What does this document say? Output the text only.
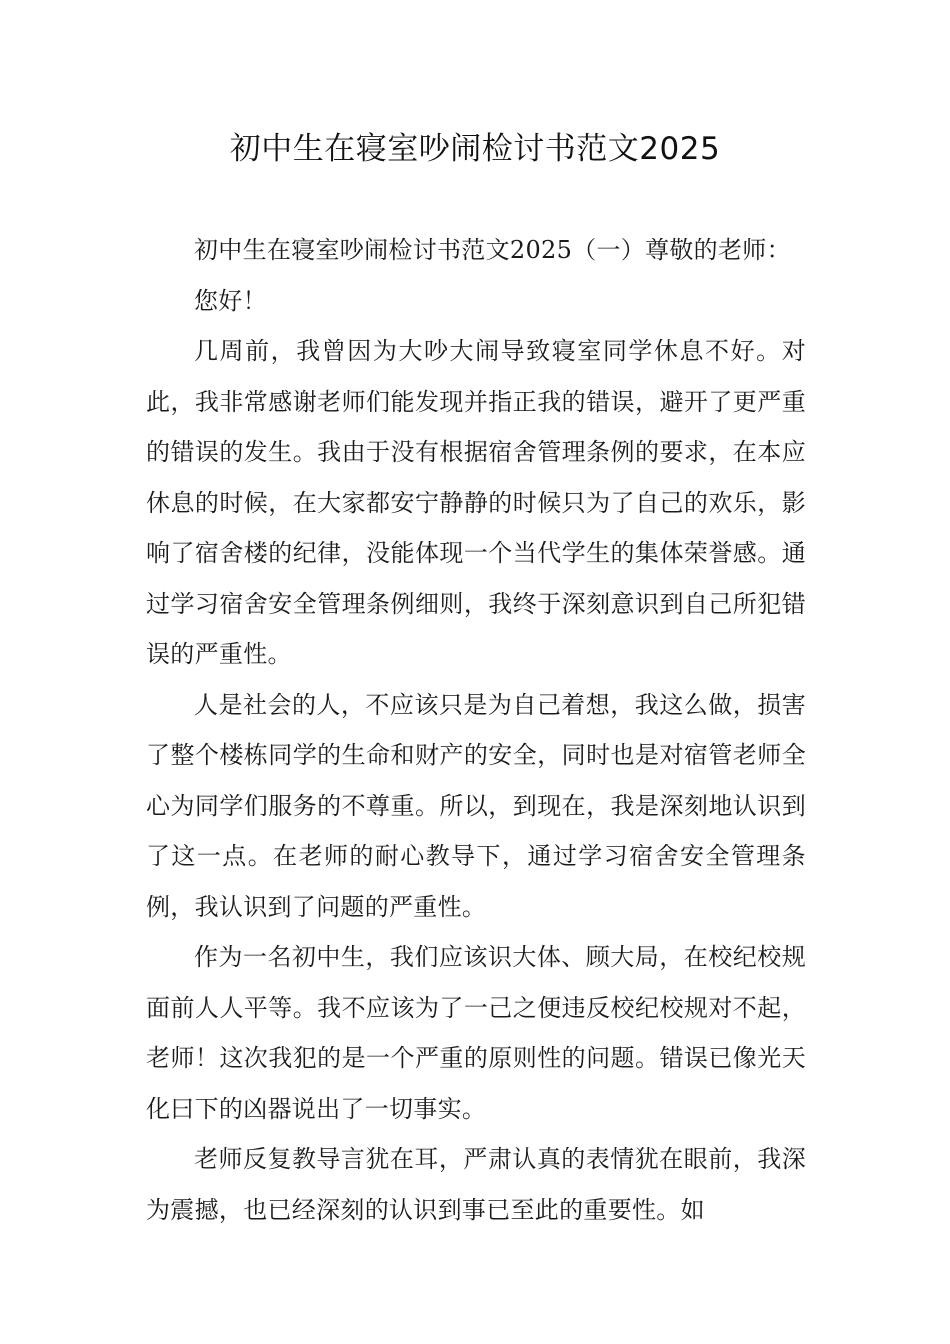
初中生在寝室吵闹检讨书范文2025

初中生在寝室吵闹检讨书范文2025（一）尊敬的老师：

您好！

几周前，我曾因为大吵大闹导致寝室同学休息不好。对此，我非常感谢老师们能发现并指正我的错误，避开了更严重的错误的发生。我由于没有根据宿舍管理条例的要求，在本应休息的时候，在大家都安宁静静的时候只为了自己的欢乐，影响了宿舍楼的纪律，没能体现一个当代学生的集体荣誉感。通过学习宿舍安全管理条例细则，我终于深刻意识到自己所犯错误的严重性。

人是社会的人，不应该只是为自己着想，我这么做，损害了整个楼栋同学的生命和财产的安全，同时也是对宿管老师全心为同学们服务的不尊重。所以，到现在，我是深刻地认识到了这一点。在老师的耐心教导下，通过学习宿舍安全管理条例，我认识到了问题的严重性。

作为一名初中生，我们应该识大体、顾大局，在校纪校规面前人人平等。我不应该为了一己之便违反校纪校规对不起，老师！这次我犯的是一个严重的原则性的问题。错误已像光天化曰下的凶器说出了一切事实。

老师反复教导言犹在耳，严肃认真的表情犹在眼前，我深为震撼，也已经深刻的认识到事已至此的重要性。如
